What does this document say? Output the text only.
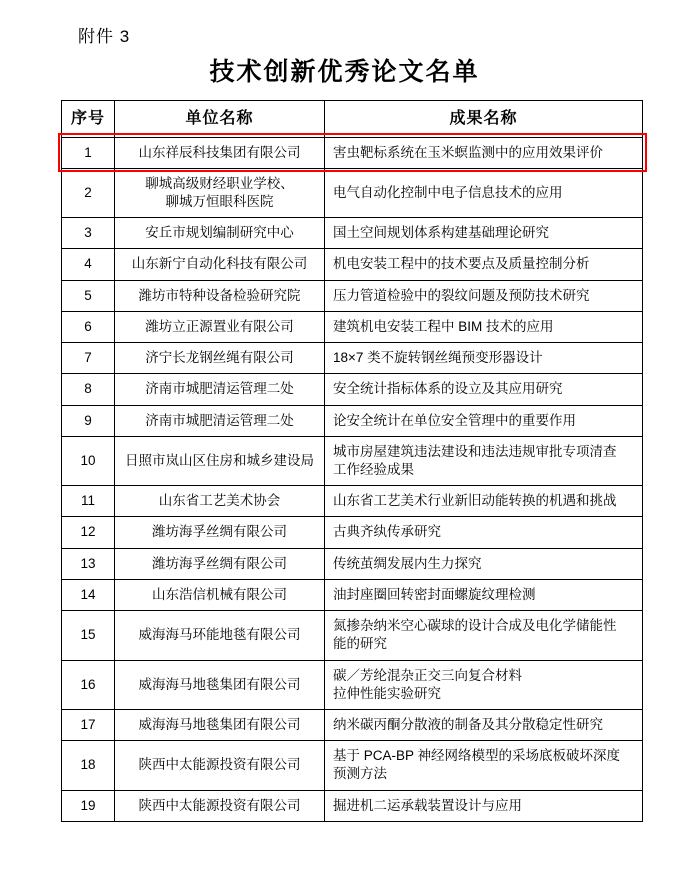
附件 3
技术创新优秀论文名单
序号	单位名称	成果名称
1	山东祥辰科技集团有限公司	害虫靶标系统在玉米螟监测中的应用效果评价

2	聊城高级财经职业学校、
聊城万恒眼科医院	电气自动化控制中电子信息技术的应用

3	安丘市规划编制研究中心	国土空间规划体系构建基础理论研究

4	山东新宁自动化科技有限公司	机电安装工程中的技术要点及质量控制分析

5	潍坊市特种设备检验研究院	压力管道检验中的裂纹问题及预防技术研究

6	潍坊立正源置业有限公司	建筑机电安装工程中 BIM 技术的应用

7	济宁长龙钢丝绳有限公司	18×7 类不旋转钢丝绳预变形器设计

8	济南市城肥清运管理二处	安全统计指标体系的设立及其应用研究

9	济南市城肥清运管理二处	论安全统计在单位安全管理中的重要作用

10	日照市岚山区住房和城乡建设局	城市房屋建筑违法建设和违法违规审批专项清查
工作经验成果

11	山东省工艺美术协会	山东省工艺美术行业新旧动能转换的机遇和挑战

12	潍坊海孚丝绸有限公司	古典齐纨传承研究

13	潍坊海孚丝绸有限公司	传统茧绸发展内生力探究

14	山东浩信机械有限公司	油封座圈回转密封面螺旋纹理检测

15	威海海马环能地毯有限公司	氮掺杂纳米空心碳球的设计合成及电化学储能性
能的研究

16	威海海马地毯集团有限公司	碳／芳纶混杂正交三向复合材料
拉伸性能实验研究

17	威海海马地毯集团有限公司	纳米碳丙酮分散液的制备及其分散稳定性研究

18	陕西中太能源投资有限公司	基于 PCA-BP 神经网络模型的采场底板破坏深度
预测方法

19	陕西中太能源投资有限公司	掘进机二运承载装置设计与应用
